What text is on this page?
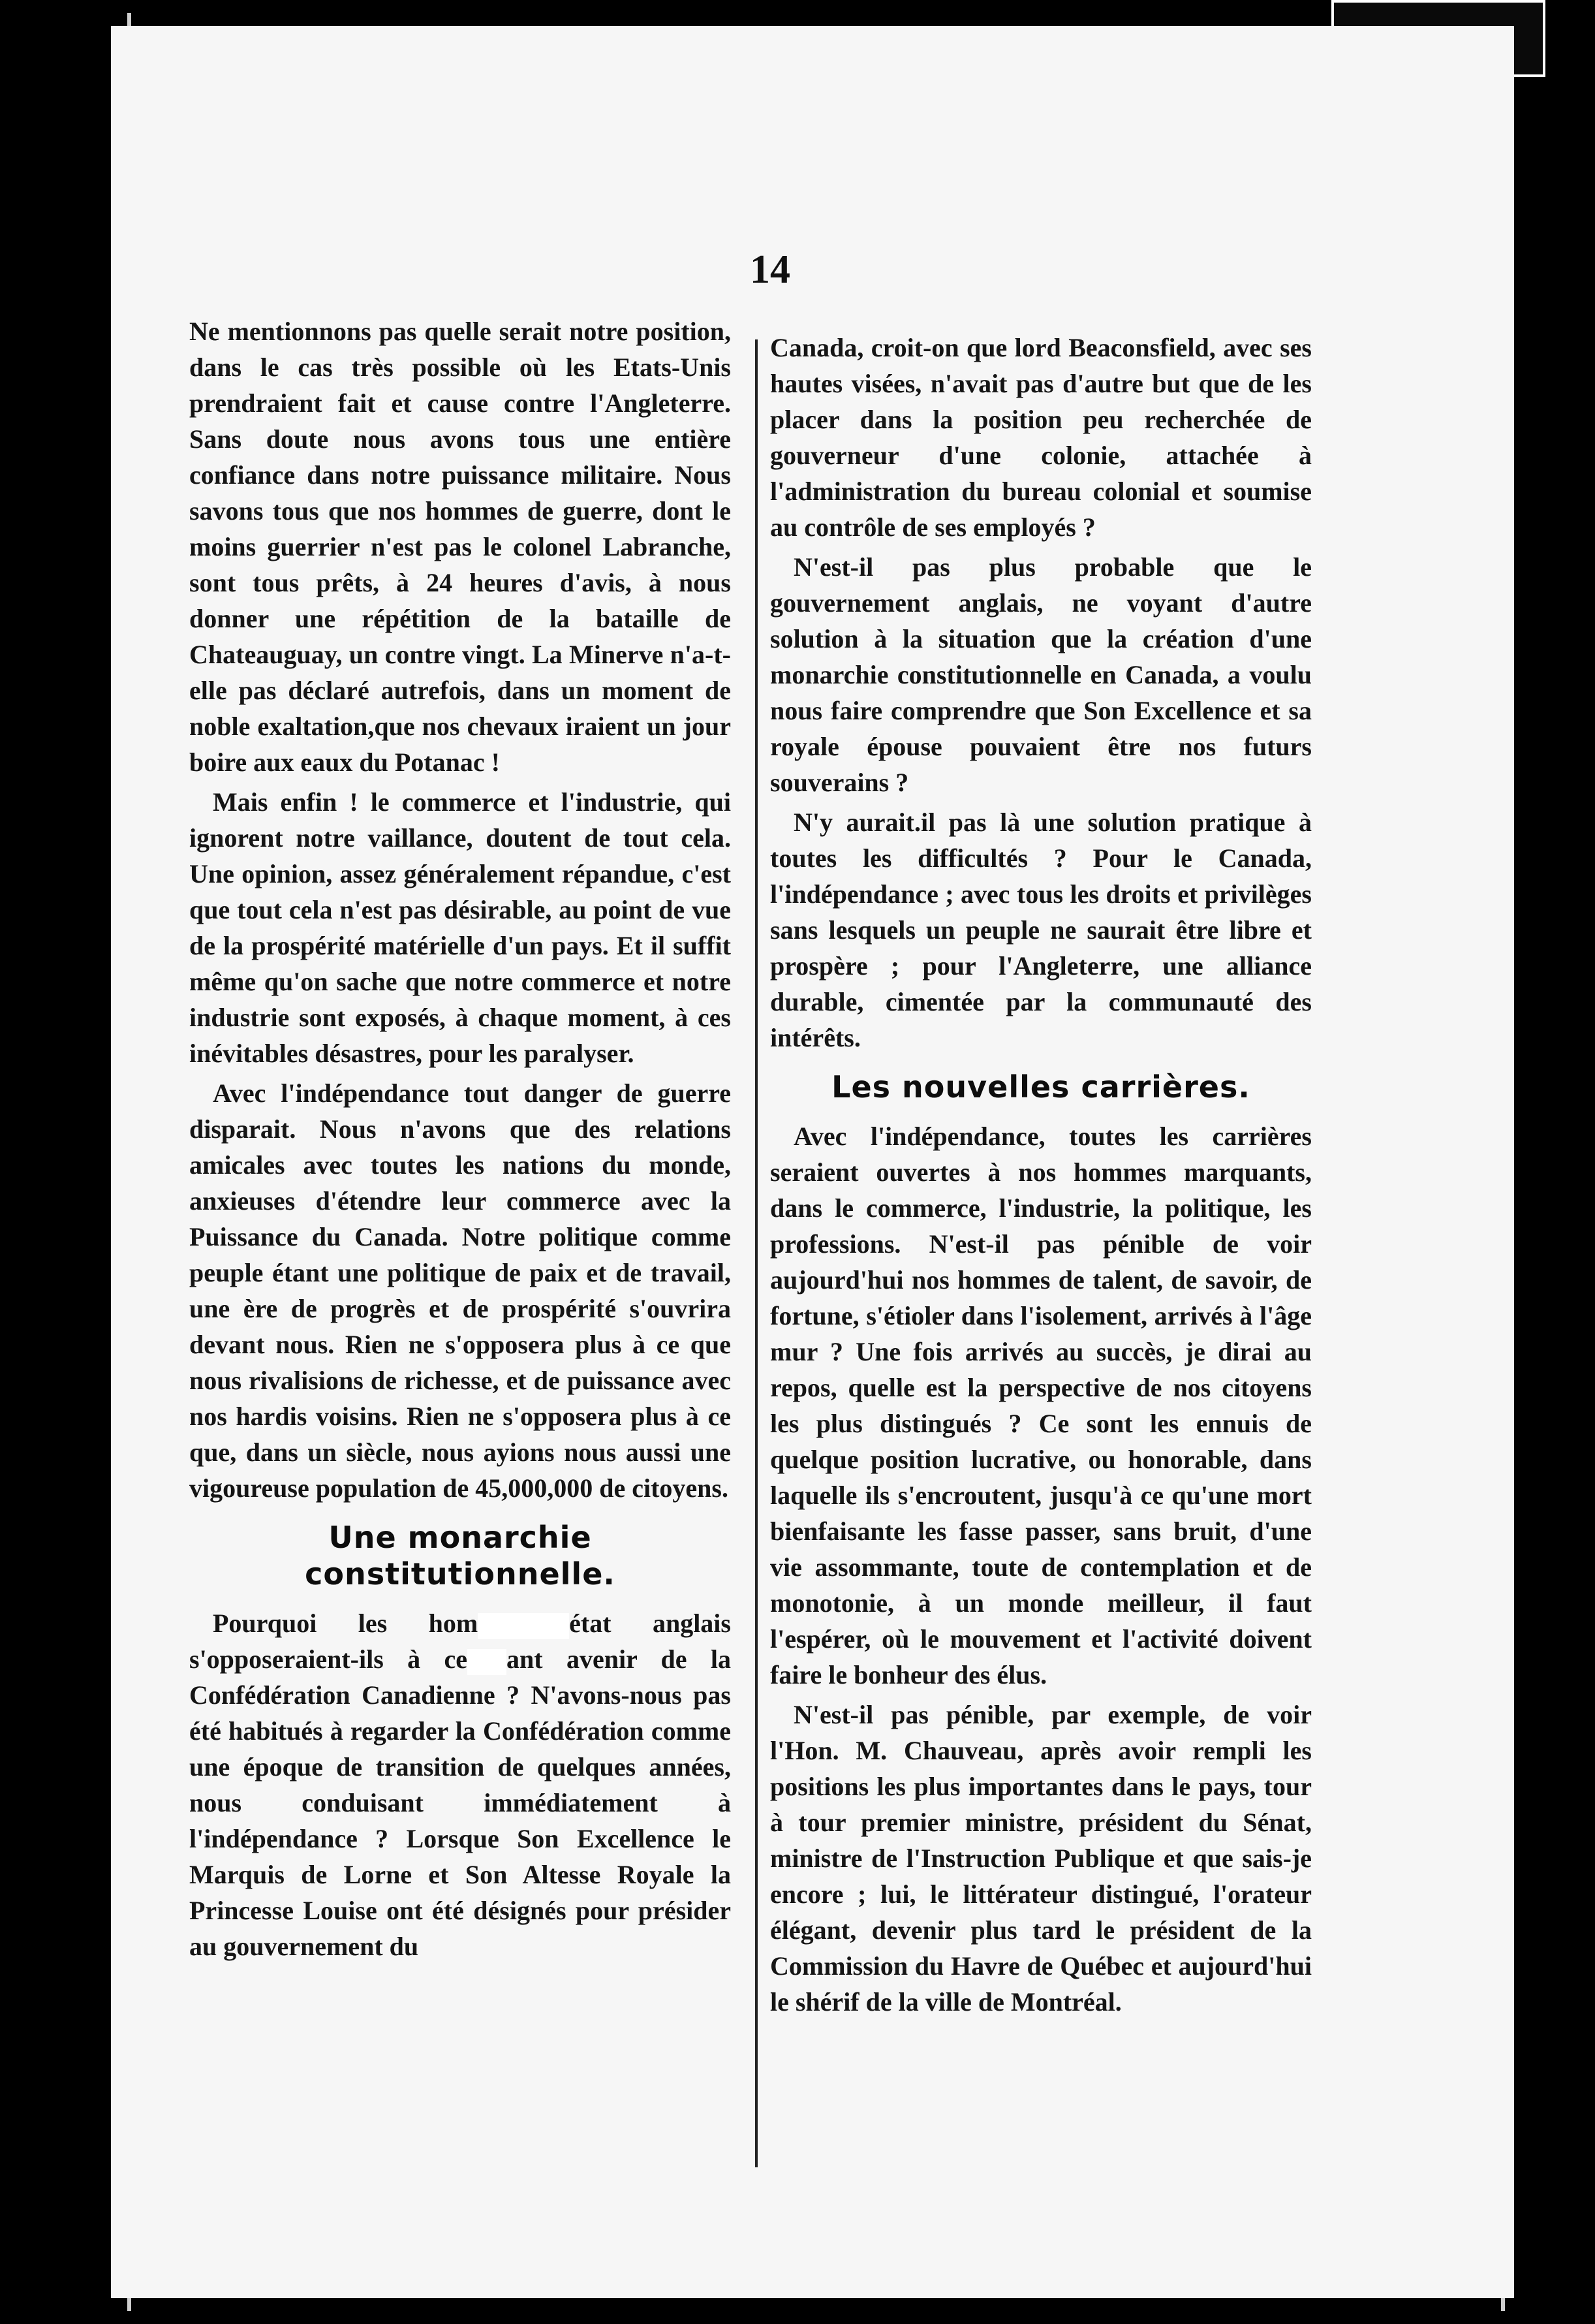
14

Ne mentionnons pas quelle serait notre position, dans le cas très possible où les Etats-Unis prendraient fait et cause contre l'Angleterre. Sans doute nous avons tous une entière confiance dans notre puissance militaire. Nous savons tous que nos hommes de guerre, dont le moins guerrier n'est pas le colonel Labranche, sont tous prêts, à 24 heures d'avis, à nous donner une répétition de la bataille de Chateauguay, un contre vingt. La Minerve n'a-t-elle pas déclaré autrefois, dans un moment de noble exaltation,que nos chevaux iraient un jour boire aux eaux du Potanac !

Mais enfin ! le commerce et l'industrie, qui ignorent notre vaillance, doutent de tout cela. Une opinion, assez généralement répandue, c'est que tout cela n'est pas désirable, au point de vue de la prospérité matérielle d'un pays. Et il suffit même qu'on sache que notre commerce et notre industrie sont exposés, à chaque moment, à ces inévitables désastres, pour les paralyser.

Avec l'indépendance tout danger de guerre disparait. Nous n'avons que des relations amicales avec toutes les nations du monde, anxieuses d'étendre leur commerce avec la Puissance du Canada. Notre politique comme peuple étant une politique de paix et de travail, une ère de progrès et de prospérité s'ouvrira devant nous. Rien ne s'opposera plus à ce que nous rivalisions de richesse, et de puissance avec nos hardis voisins. Rien ne s'opposera plus à ce que, dans un siècle, nous ayions nous aussi une vigoureuse population de 45,000,000 de citoyens.

Une monarchie constitutionnelle.

Pourquoi les hom	état anglais s'opposeraient-ils à ce ant avenir de la Confédération Canadienne ? N'avons-nous pas été habitués à regarder la Confédération comme une époque de transition de quelques années, nous conduisant immédiatement à l'indépendance ? Lorsque Son Excellence le Marquis de Lorne et Son Altesse Royale la Princesse Louise ont été désignés pour présider au gouvernement du

Canada, croit-on que lord Beaconsfield, avec ses hautes visées, n'avait pas d'autre but que de les placer dans la position peu recherchée de gouverneur d'une colonie, attachée à l'administration du bureau colonial et soumise au contrôle de ses employés ?

N'est-il pas plus probable que le gouvernement anglais, ne voyant d'autre solution à la situation que la création d'une monarchie constitutionnelle en Canada, a voulu nous faire comprendre que Son Excellence et sa royale épouse pouvaient être nos futurs souverains ?

N'y aurait.il pas là une solution pratique à toutes les difficultés ? Pour le Canada, l'indépendance ; avec tous les droits et privilèges sans lesquels un peuple ne saurait être libre et prospère ; pour l'Angleterre, une alliance durable, cimentée par la communauté des intérêts.

Les nouvelles carrières.

Avec l'indépendance, toutes les carrières seraient ouvertes à nos hommes marquants, dans le commerce, l'industrie, la politique, les professions. N'est-il pas pénible de voir aujourd'hui nos hommes de talent, de savoir, de fortune, s'étioler dans l'isolement, arrivés à l'âge mur ? Une fois arrivés au succès, je dirai au repos, quelle est la perspective de nos citoyens les plus distingués ? Ce sont les ennuis de quelque position lucrative, ou honorable, dans laquelle ils s'encroutent, jusqu'à ce qu'une mort bienfaisante les fasse passer, sans bruit, d'une vie assommante, toute de contemplation et de monotonie, à un monde meilleur, il faut l'espérer, où le mouvement et l'activité doivent faire le bonheur des élus.

N'est-il pas pénible, par exemple, de voir l'Hon. M. Chauveau, après avoir rempli les positions les plus importantes dans le pays, tour à tour premier ministre, président du Sénat, ministre de l'Instruction Publique et que sais-je encore ; lui, le littérateur distingué, l'orateur élégant, devenir plus tard le président de la Commission du Havre de Québec et aujourd'hui le shérif de la ville de Montréal.
